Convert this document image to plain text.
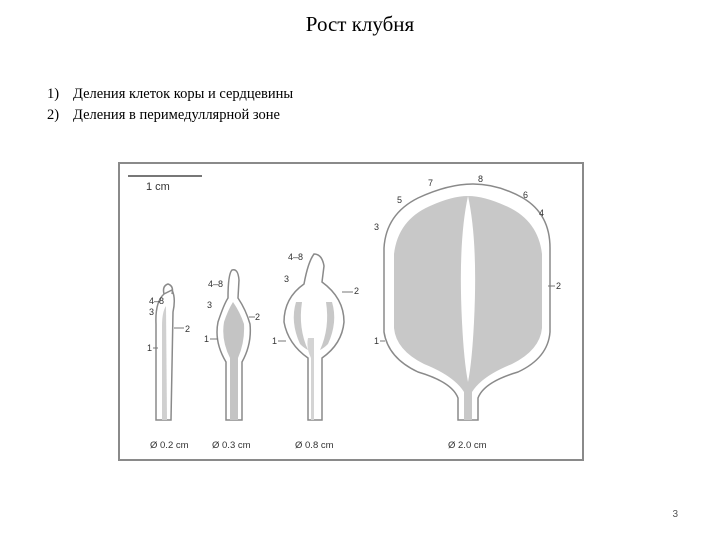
Рост клубня
1) Деления клеток коры и сердцевины
2) Деления в перимедуллярной зоне
1 cm
4–8
3
2
1
4–8
3
2
1
4–8
3
2
1
7	8
6
5
4
3
2
1
Ø 0.2 cm Ø 0.3 cm	Ø 0.8 cm	Ø 2.0 cm
3
